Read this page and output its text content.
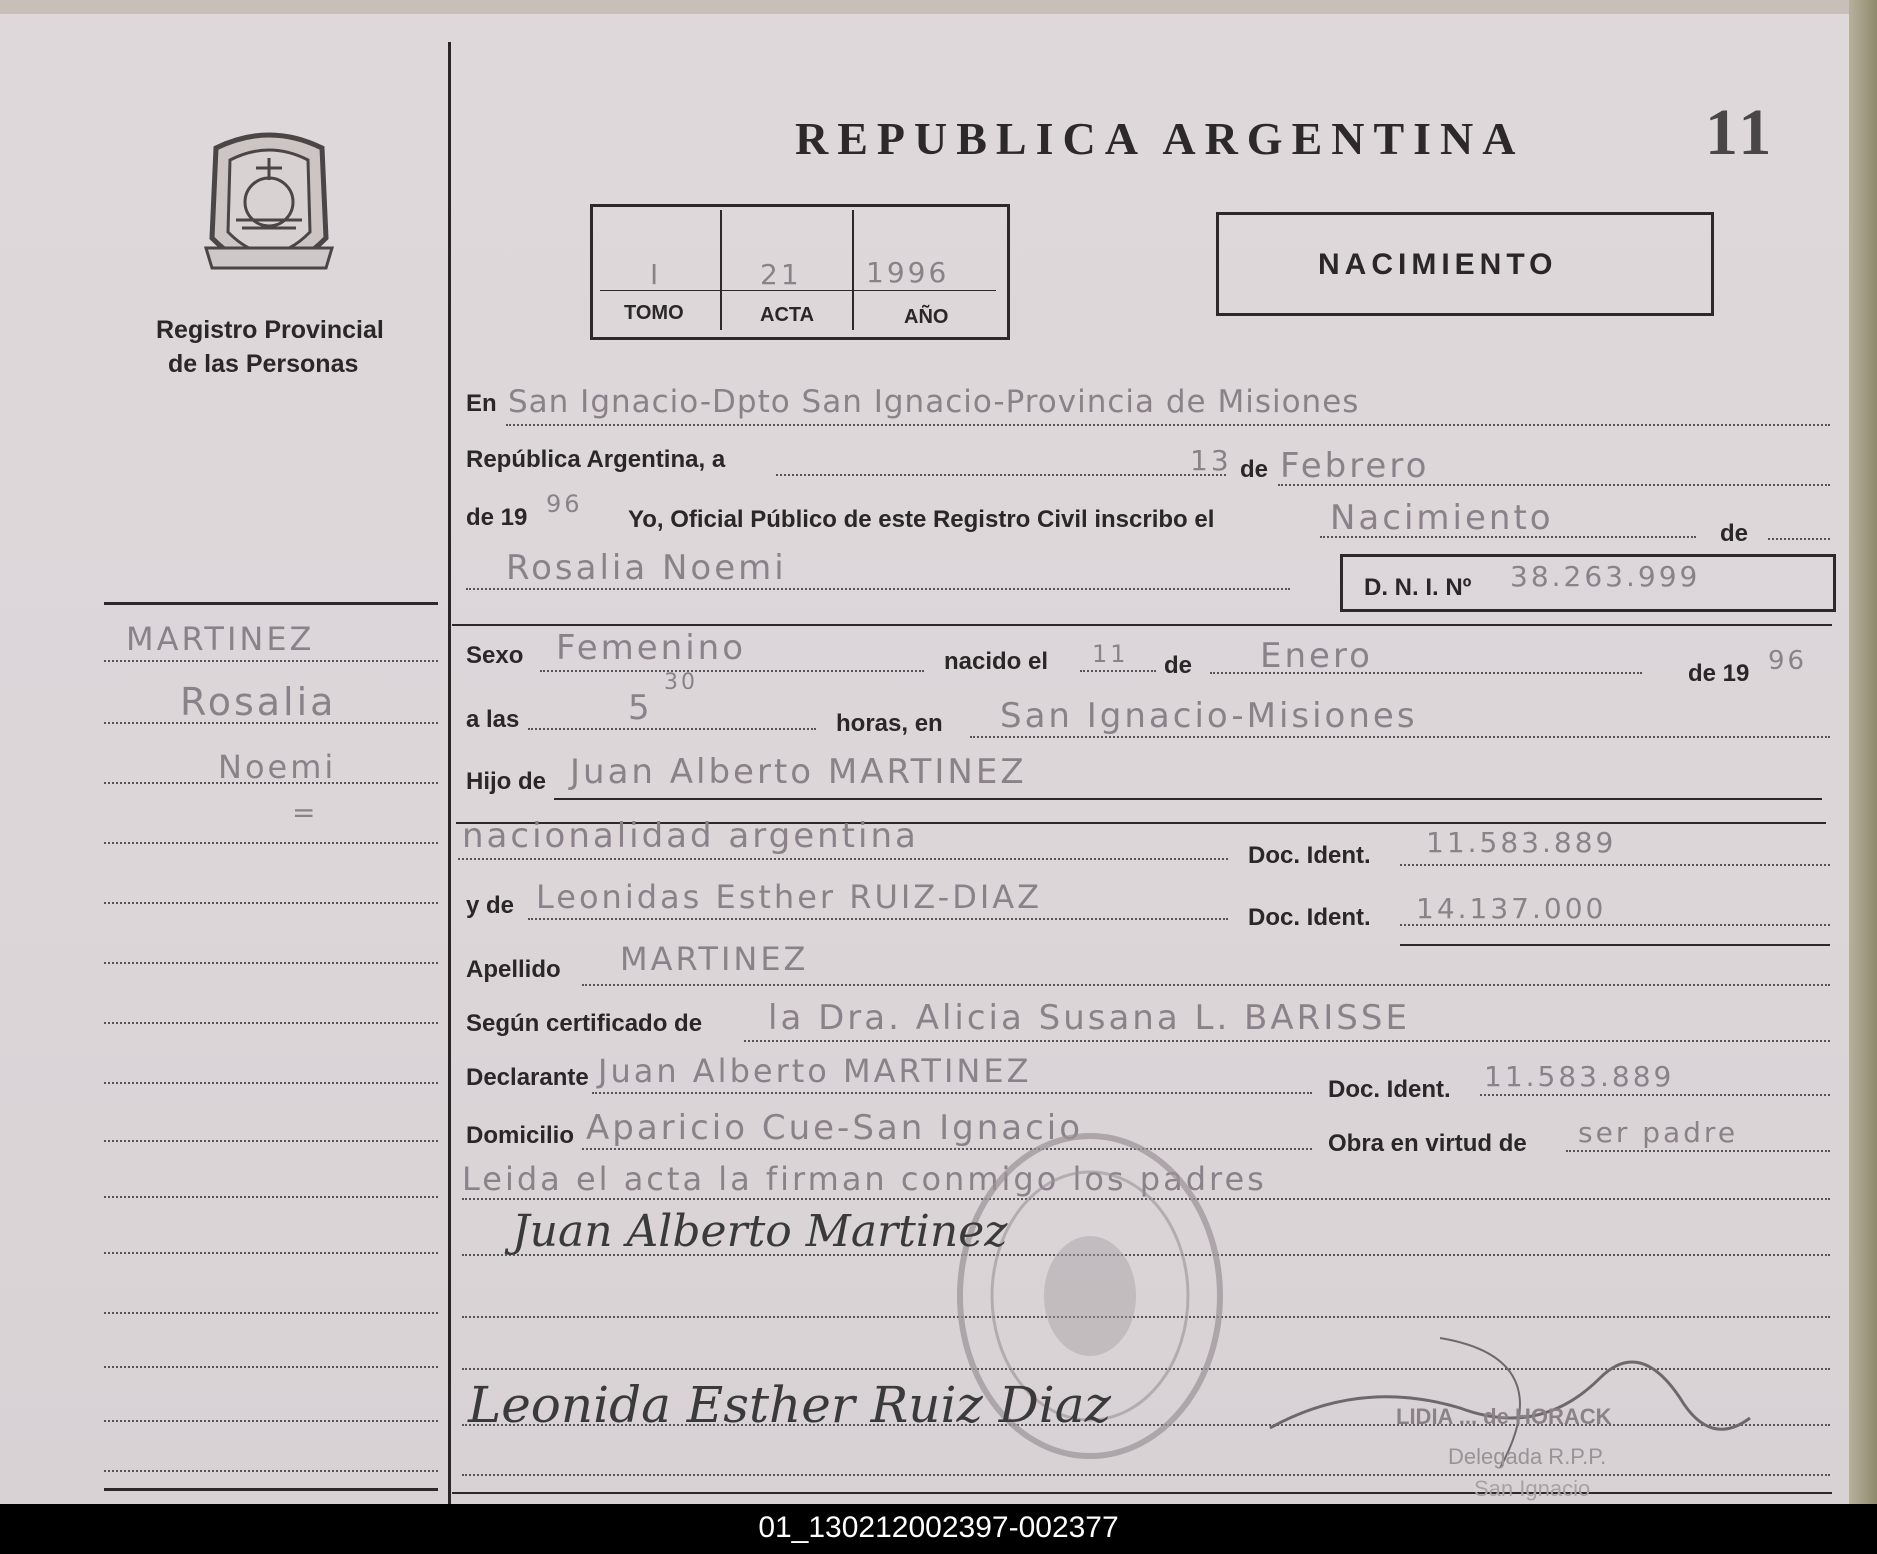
Registro Provincial
de las Personas
MARTINEZ
Rosalia
Noemi
=
REPUBLICA ARGENTINA	11
I	21 1996
TOMO	ACTA	AÑO
NACIMIENTO
En San Ignacio-Dpto San Ignacio-Provincia de Misiones
República Argentina, a	13 de Febrero
de 19 96
Yo, Oficial Público de este Registro Civil inscribo el	Nacimiento	de
Rosalia Noemi	D. N. I. Nº 38.263.999
Sexo Femenino	nacido el 11 de Enero	de 19 96
a las	5
30
horas, en San Ignacio-Misiones
Hijo de Juan Alberto MARTINEZ
nacionalidad argentina	Doc. Ident. 11.583.889
y de Leonidas Esther RUIZ-DIAZ
Doc. Ident. 14.137.000
Apellido MARTINEZ
Según certificado de la Dra. Alicia Susana L. BARISSE
Declarante Juan Alberto MARTINEZ	Doc. Ident. 11.583.889
Domicilio Aparicio Cue-San Ignacio	Obra en virtud de ser padre
Leida el acta la firman conmigo los padres
Juan Alberto Martinez
Leonida Esther Ruiz Diaz	LIDIA ... de HORACK
Delegada R.P.P.
San Ignacio
01_130212002397-002377
